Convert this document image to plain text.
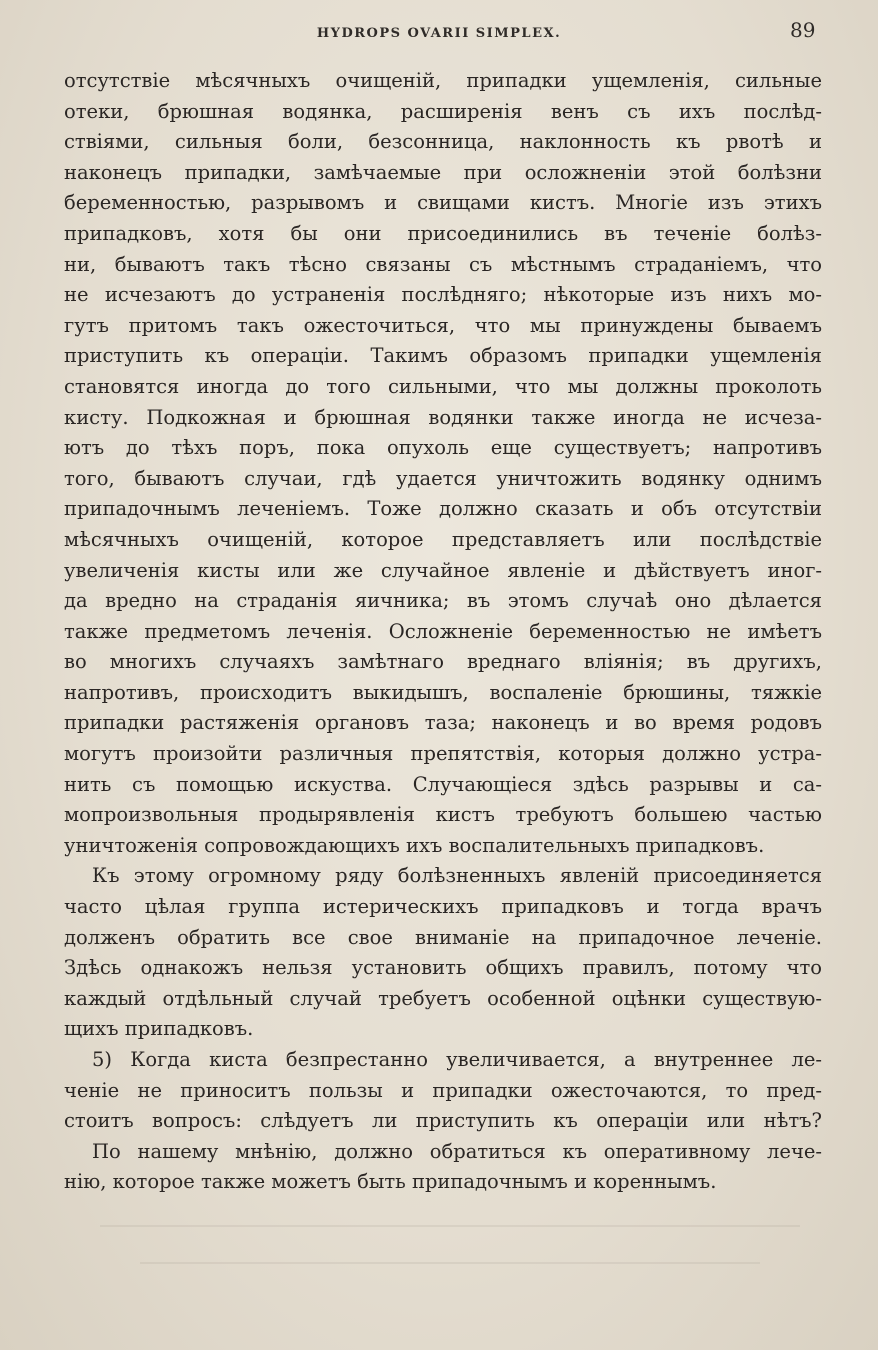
HYDROPS OVARII SIMPLEX.	89
отсутствіе мѣсячныхъ очищеній, припадки ущемленія, сильные
отеки, брюшная водянка, расширенія венъ съ ихъ послѣд-
ствіями, сильныя боли, безсонница, наклонность къ рвотѣ и
наконецъ припадки, замѣчаемые при осложненіи этой болѣзни
беременностью, разрывомъ и свищами кистъ. Многіе изъ этихъ
припадковъ, хотя бы они присоединились въ теченіе болѣз-
ни, бываютъ такъ тѣсно связаны съ мѣстнымъ страданіемъ, что
не исчезаютъ до устраненія послѣдняго; нѣкоторые изъ нихъ мо-
гутъ притомъ такъ ожесточиться, что мы принуждены бываемъ
приступить къ операціи. Такимъ образомъ припадки ущемленія
становятся иногда до того сильными, что мы должны проколоть
кисту. Подкожная и брюшная водянки также иногда не исчеза-
ютъ до тѣхъ поръ, пока опухоль еще существуетъ; напротивъ
того, бываютъ случаи, гдѣ удается уничтожить водянку однимъ
припадочнымъ леченіемъ. Тоже должно сказать и объ отсутствіи
мѣсячныхъ очищеній, которое представляетъ или послѣдствіе
увеличенія кисты или же случайное явленіе и дѣйствуетъ иног-
да вредно на страданія яичника; въ этомъ случаѣ оно дѣлается
также предметомъ леченія. Осложненіе беременностью не имѣетъ
во многихъ случаяхъ замѣтнаго вреднаго вліянія; въ другихъ,
напротивъ, происходитъ выкидышъ, воспаленіе брюшины, тяжкіе
припадки растяженія органовъ таза; наконецъ и во время родовъ
могутъ произойти различныя препятствія, которыя должно устра-
нить съ помощью искуства. Случающіеся здѣсь разрывы и са-
мопроизвольныя продырявленія кистъ требуютъ большею частью
уничтоженія сопровождающихъ ихъ воспалительныхъ припадковъ.
Къ этому огромному ряду болѣзненныхъ явленій присоединяется
часто цѣлая группа истерическихъ припадковъ и тогда врачъ
долженъ обратить все свое вниманіе на припадочное леченіе.
Здѣсь однакожъ нельзя установить общихъ правилъ, потому что
каждый отдѣльный случай требуетъ особенной оцѣнки существую-
щихъ припадковъ.
5) Когда киста безпрестанно увеличивается, а внутреннее ле-
ченіе не приноситъ пользы и припадки ожесточаются, то пред-
стоитъ вопросъ: слѣдуетъ ли приступить къ операціи или нѣтъ?
По нашему мнѣнію, должно обратиться къ оперативному лече-
нію, которое также можетъ быть припадочнымъ и кореннымъ.
